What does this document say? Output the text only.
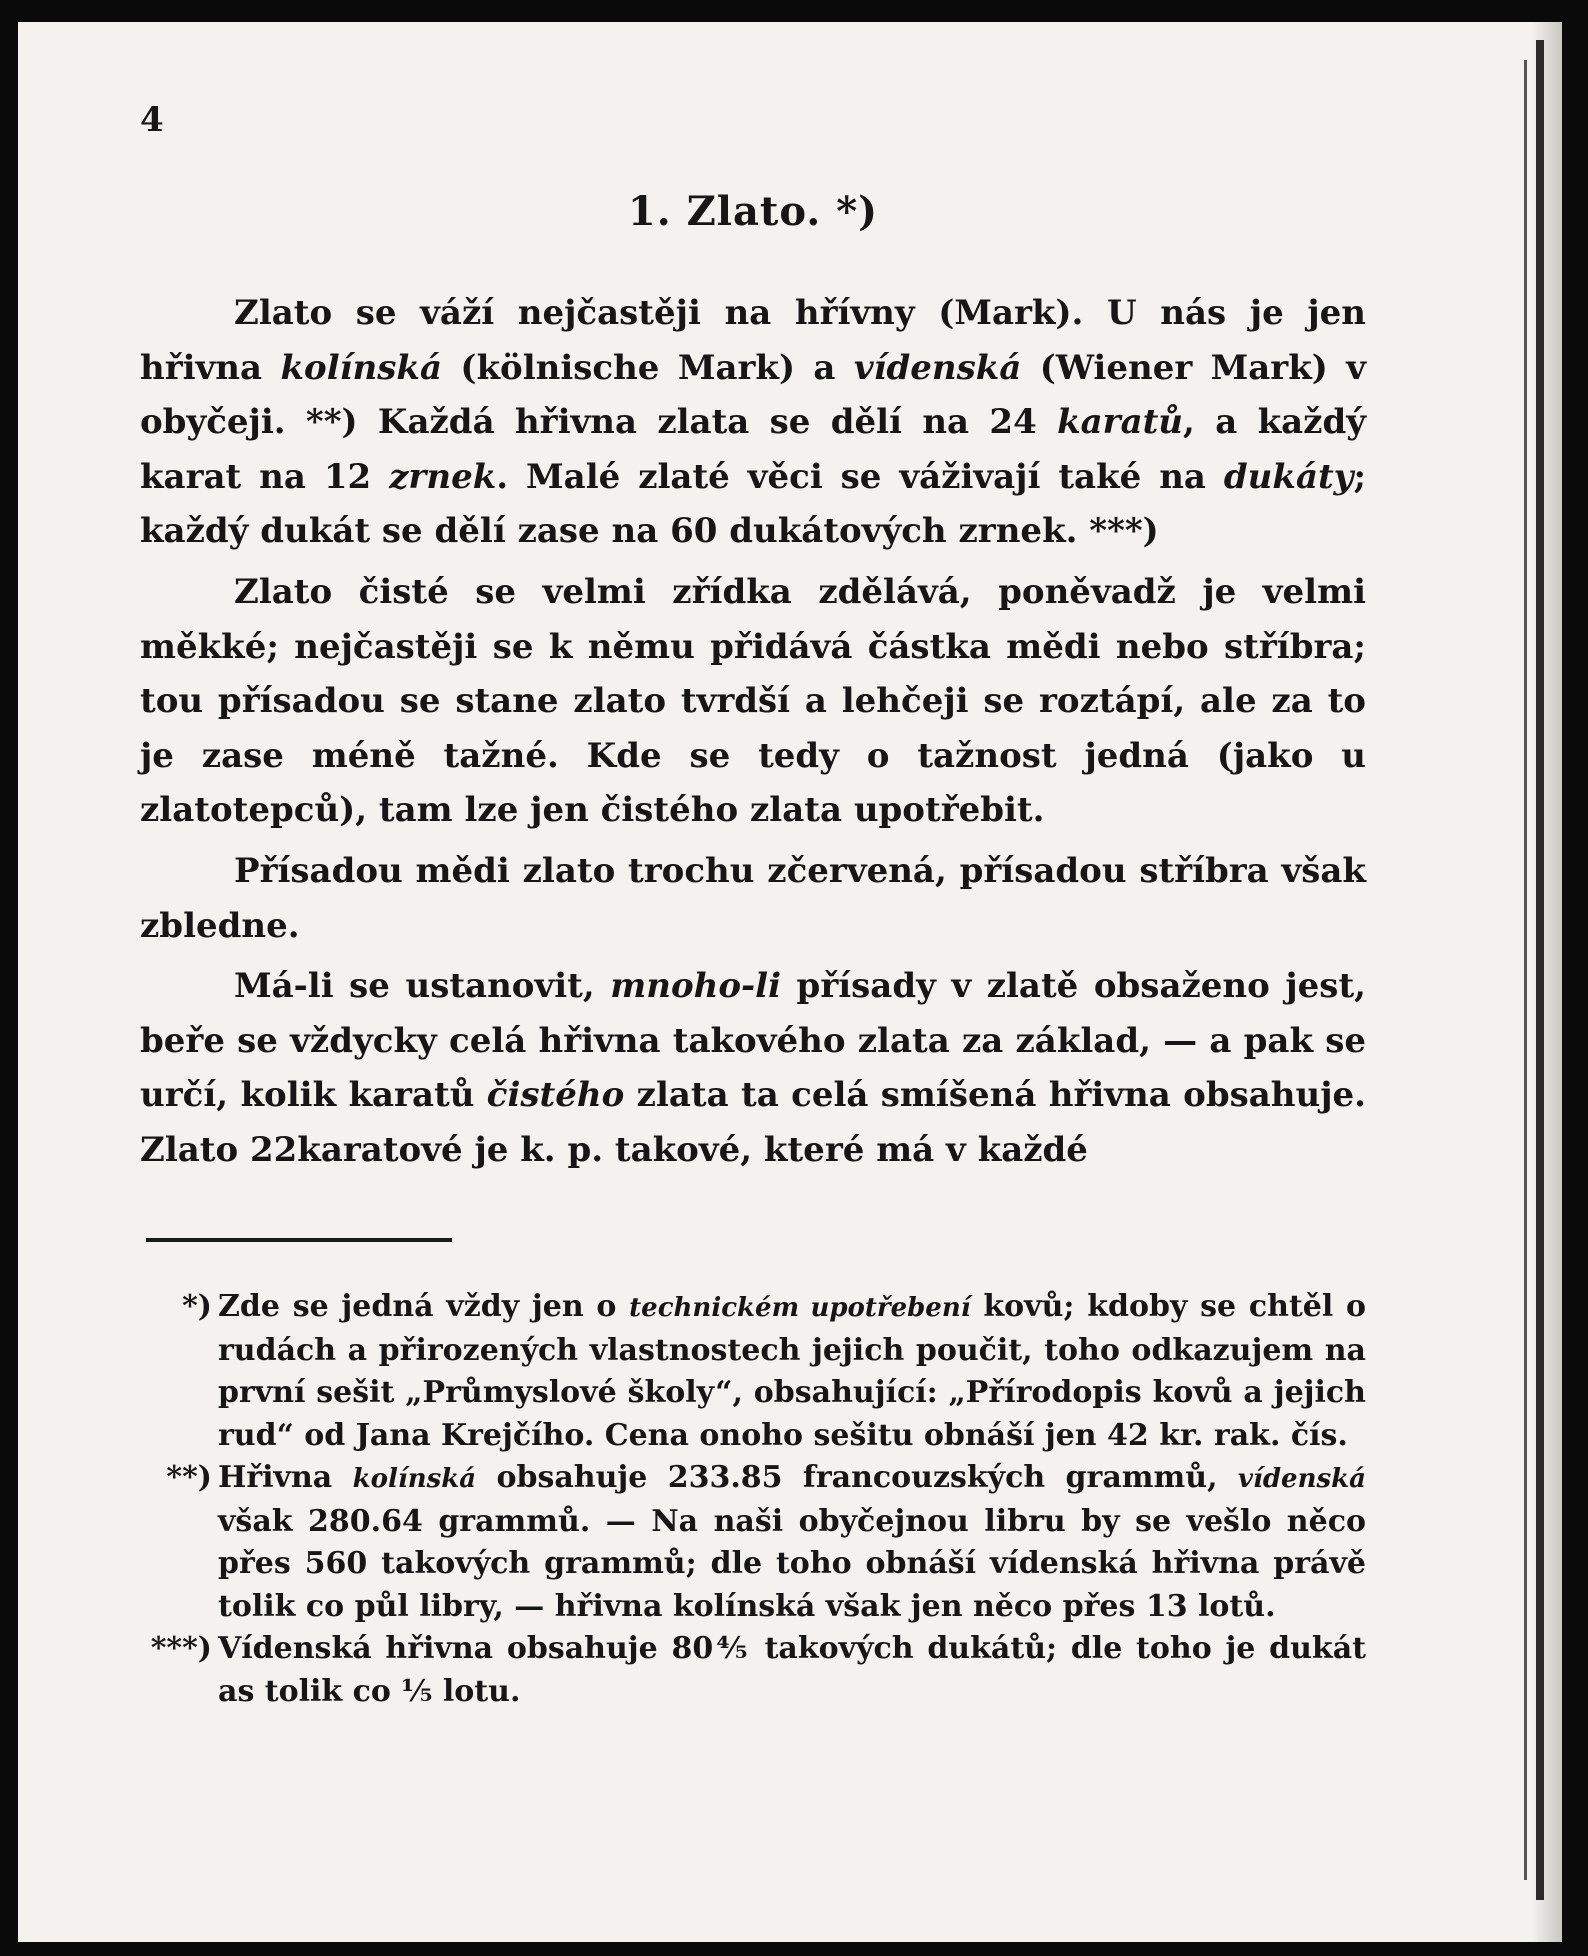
4
1. Zlato. *)

Zlato se váží nejčastěji na hřívny (Mark). U nás je jen hřivna kolínská (kölnische Mark) a vídenská (Wiener Mark) v obyčeji. **) Každá hřivna zlata se dělí na 24 karatů, a každý karat na 12 zrnek. Malé zlaté věci se váživají také na dukáty; každý dukát se dělí zase na 60 dukátových zrnek. ***)

Zlato čisté se velmi zřídka zdělává, poněvadž je velmi měkké; nejčastěji se k němu přidává částka mědi nebo stříbra; tou přísadou se stane zlato tvrdší a lehčeji se roztápí, ale za to je zase méně tažné. Kde se tedy o tažnost jedná (jako u zlatotepců), tam lze jen čistého zlata upotřebit.

Přísadou mědi zlato trochu zčervená, přísadou stříbra však zbledne.

Má-li se ustanovit, mnoho-li přísady v zlatě obsaženo jest, beře se vždycky celá hřivna takového zlata za základ, — a pak se určí, kolik karatů čistého zlata ta celá smíšená hřivna obsahuje. Zlato 22karatové je k. p. takové, které má v každé

*) Zde se jedná vždy jen o technickém upotřebení kovů; kdoby se chtěl o rudách a přirozených vlastnostech jejich poučit, toho odkazujem na první sešit „Průmyslové školy“, obsahující: „Přírodopis kovů a jejich rud“ od Jana Krejčího. Cena onoho sešitu obnáší jen 42 kr. rak. čís.
**) Hřivna kolínská obsahuje 233.85 francouzských grammů, vídenská však 280.64 grammů. — Na naši obyčejnou libru by se vešlo něco přes 560 takových grammů; dle toho obnáší vídenská hřivna právě tolik co půl libry, — hřivna kolínská však jen něco přes 13 lotů.
***) Vídenská hřivna obsahuje 80⅘ takových dukátů; dle toho je dukát as tolik co ⅕ lotu.
